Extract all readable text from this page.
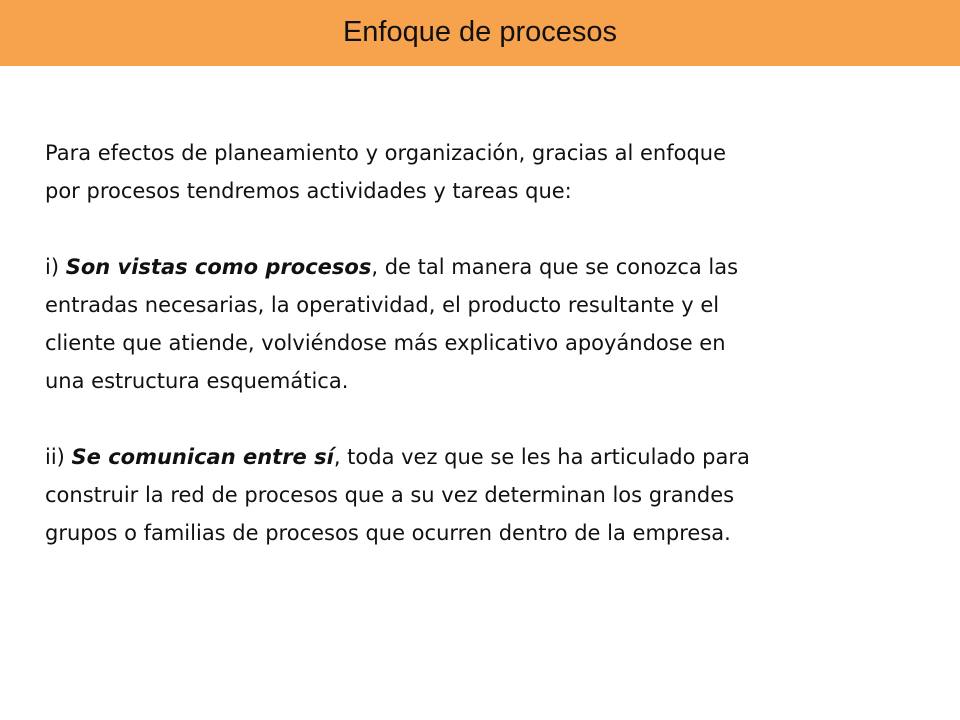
Enfoque de procesos
Para efectos de planeamiento y organización, gracias al enfoque
por procesos tendremos actividades y tareas que:
i) Son vistas como procesos, de tal manera que se conozca las
entradas necesarias, la operatividad, el producto resultante y el
cliente que atiende, volviéndose más explicativo apoyándose en
una estructura esquemática.
ii) Se comunican entre sí, toda vez que se les ha articulado para
construir la red de procesos que a su vez determinan los grandes
grupos o familias de procesos que ocurren dentro de la empresa.
